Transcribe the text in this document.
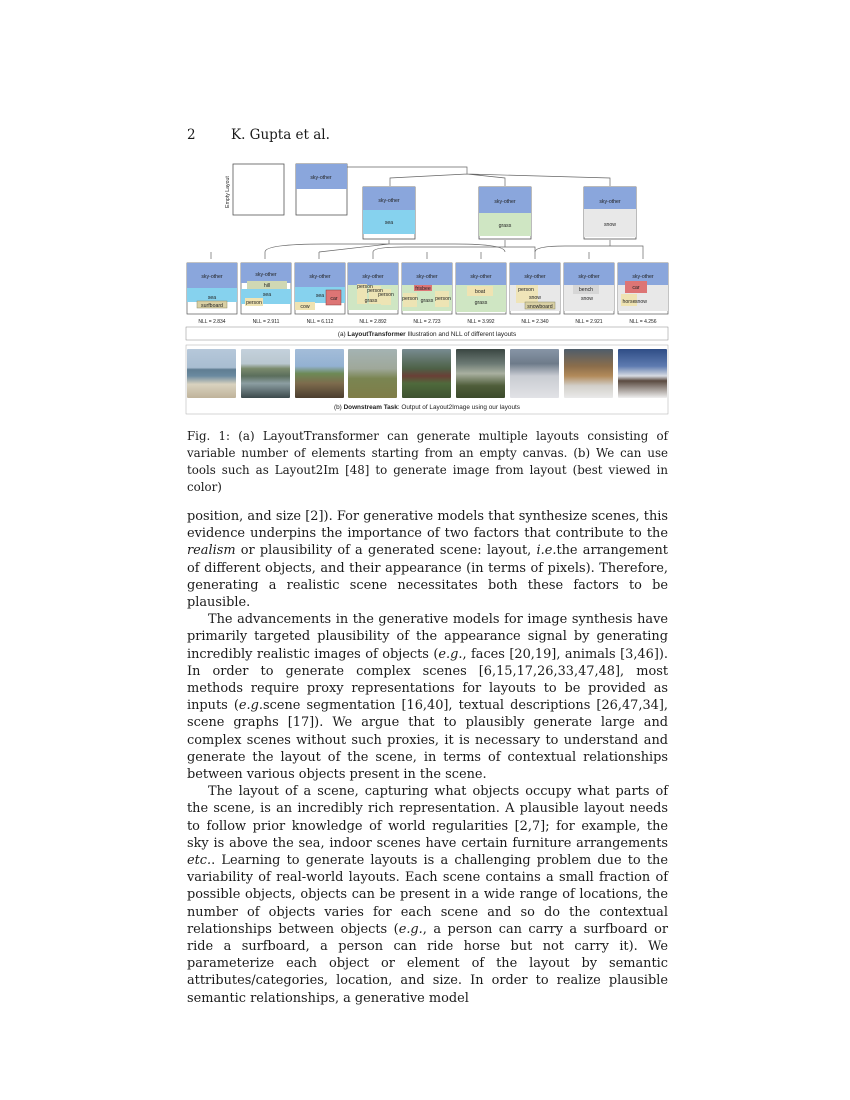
2	K. Gupta et al.
Empty Layout	sky-other
sky-other
sea
sky-other
grass
sky-other
snow
sky-other
sea
surfboard
NLL = 2.834
sky-other
hill
sea
person
NLL = 2.911
sky-other
sea car
cow
NLL = 6.112
sky-other
person
person
person
grass
NLL = 2.892
sky-other
frisbee
person grass person
NLL = 2.723
sky-other
boat
grass
NLL = 3.992
sky-other
person
snow
snowboard
NLL = 2.340
sky-other
bench
snow
NLL = 2.921
sky-other
car
horse snow
NLL = 4.256
(a) LayoutTransformer Illustration and NLL of different layouts
(b) Downstream Task: Output of Layout2Image using our layouts
Fig. 1: (a) LayoutTransformer can generate multiple layouts consisting of variable number of elements starting from an empty canvas. (b) We can use tools such as Layout2Im [48] to generate image from layout (best viewed in color)

position, and size [2]). For generative models that synthesize scenes, this evidence underpins the importance of two factors that contribute to the realism or plausibility of a generated scene: layout, i.e.the arrangement of different objects, and their appearance (in terms of pixels). Therefore, generating a realistic scene necessitates both these factors to be plausible.

The advancements in the generative models for image synthesis have primarily targeted plausibility of the appearance signal by generating incredibly realistic images of objects (e.g., faces [20,19], animals [3,46]). In order to generate complex scenes [6,15,17,26,33,47,48], most methods require proxy representations for layouts to be provided as inputs (e.g.scene segmentation [16,40], textual descriptions [26,47,34], scene graphs [17]). We argue that to plausibly generate large and complex scenes without such proxies, it is necessary to understand and generate the layout of the scene, in terms of contextual relationships between various objects present in the scene.

The layout of a scene, capturing what objects occupy what parts of the scene, is an incredibly rich representation. A plausible layout needs to follow prior knowledge of world regularities [2,7]; for example, the sky is above the sea, indoor scenes have certain furniture arrangements etc.. Learning to generate layouts is a challenging problem due to the variability of real-world layouts. Each scene contains a small fraction of possible objects, objects can be present in a wide range of locations, the number of objects varies for each scene and so do the contextual relationships between objects (e.g., a person can carry a surfboard or ride a surfboard, a person can ride horse but not carry it). We parameterize each object or element of the layout by semantic attributes/categories, location, and size. In order to realize plausible semantic relationships, a generative model
